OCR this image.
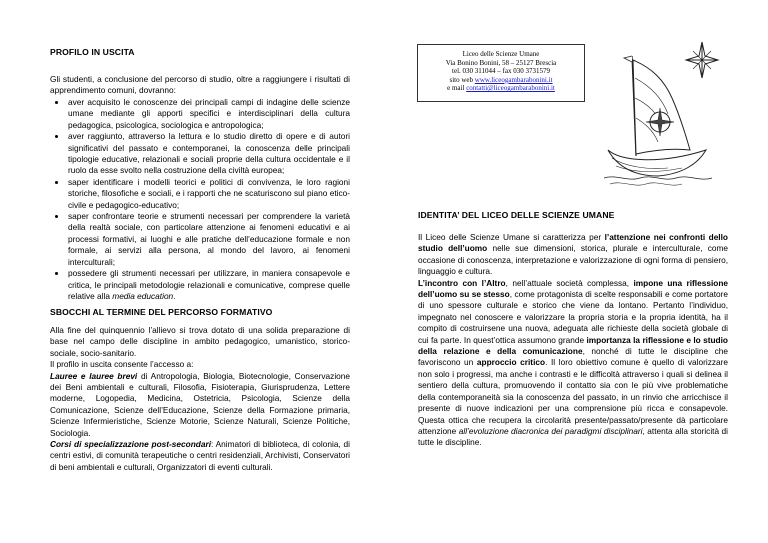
PROFILO IN USCITA
Gli studenti, a conclusione del percorso di studio, oltre a raggiungere i risultati di apprendimento comuni, dovranno:
• aver acquisito le conoscenze dei principali campi di indagine delle scienze umane mediante gli apporti specifici e interdisciplinari della cultura pedagogica, psicologica, sociologica e antropologica;
• aver raggiunto, attraverso la lettura e lo studio diretto di opere e di autori significativi del passato e contemporanei, la conoscenza delle principali tipologie educative, relazionali e sociali proprie della cultura occidentale e il ruolo da esse svolto nella costruzione della civiltà europea;
• saper identificare i modelli teorici e politici di convivenza, le loro ragioni storiche, filosofiche e sociali, e i rapporti che ne scaturiscono sul piano etico-civile e pedagogico-educativo;
• saper confrontare teorie e strumenti necessari per comprendere la varietà della realtà sociale, con particolare attenzione ai fenomeni educativi e ai processi formativi, ai luoghi e alle pratiche dell’educazione formale e non formale, ai servizi alla persona, al mondo del lavoro, ai fenomeni interculturali;
• possedere gli strumenti necessari per utilizzare, in maniera consapevole e critica, le principali metodologie relazionali e comunicative, comprese quelle relative alla media education.
SBOCCHI AL TERMINE DEL PERCORSO FORMATIVO
Alla fine del quinquennio l’allievo si trova dotato di una solida preparazione di base nel campo delle discipline in ambito pedagogico, umanistico, storico-sociale, socio-sanitario.
Il profilo in uscita consente l’accesso a:
Lauree e lauree brevi di Antropologia, Biologia, Biotecnologie, Conservazione dei Beni ambientali e culturali, Filosofia, Fisioterapia, Giurisprudenza, Lettere moderne, Logopedia, Medicina, Ostetricia, Psicologia, Scienze della Comunicazione, Scienze dell’Educazione, Scienze della Formazione primaria, Scienze Infermieristiche, Scienze Motorie, Scienze Naturali, Scienze Politiche, Sociologia.
Corsi di specializzazione post-secondari: Animatori di biblioteca, di colonia, di centri estivi, di comunità terapeutiche o centri residenziali, Archivisti, Conservatori di beni ambientali e culturali, Organizzatori di eventi culturali.
Liceo delle Scienze Umane
Via Bonino Bonini, 58 – 25127 Brescia
tel. 030 311044 – fax 030 3731579
sito web www.liceogambarabonini.it
e mail contatti@liceogambarabonini.it
IDENTITA’ DEL LICEO DELLE SCIENZE UMANE
Il Liceo delle Scienze Umane si caratterizza per l’attenzione nei confronti dello studio dell’uomo nelle sue dimensioni, storica, plurale e interculturale, come occasione di conoscenza, interpretazione e valorizzazione di ogni forma di pensiero, linguaggio e cultura.
L’incontro con l’Altro, nell’attuale società complessa, impone una riflessione dell’uomo su se stesso, come protagonista di scelte responsabili e come portatore di uno spessore culturale e storico che viene da lontano. Pertanto l’individuo, impegnato nel conoscere e valorizzare la propria storia e la propria identità, ha il compito di costruirsene una nuova, adeguata alle richieste della società globale di cui fa parte. In quest’ottica assumono grande importanza la riflessione e lo studio della relazione e della comunicazione, nonché di tutte le discipline che favoriscono un approccio critico. Il loro obiettivo comune è quello di valorizzare non solo i progressi, ma anche i contrasti e le difficoltà attraverso i quali si delinea il sentiero della cultura, promuovendo il contatto sia con le più vive problematiche della contemporaneità sia la conoscenza del passato, in un rinvio che arricchisce il presente di nuove indicazioni per una comprensione più ricca e consapevole. Questa ottica che recupera la circolarità presente/passato/presente dà particolare attenzione all’evoluzione diacronica dei paradigmi disciplinari, attenta alla storicità di tutte le discipline.
